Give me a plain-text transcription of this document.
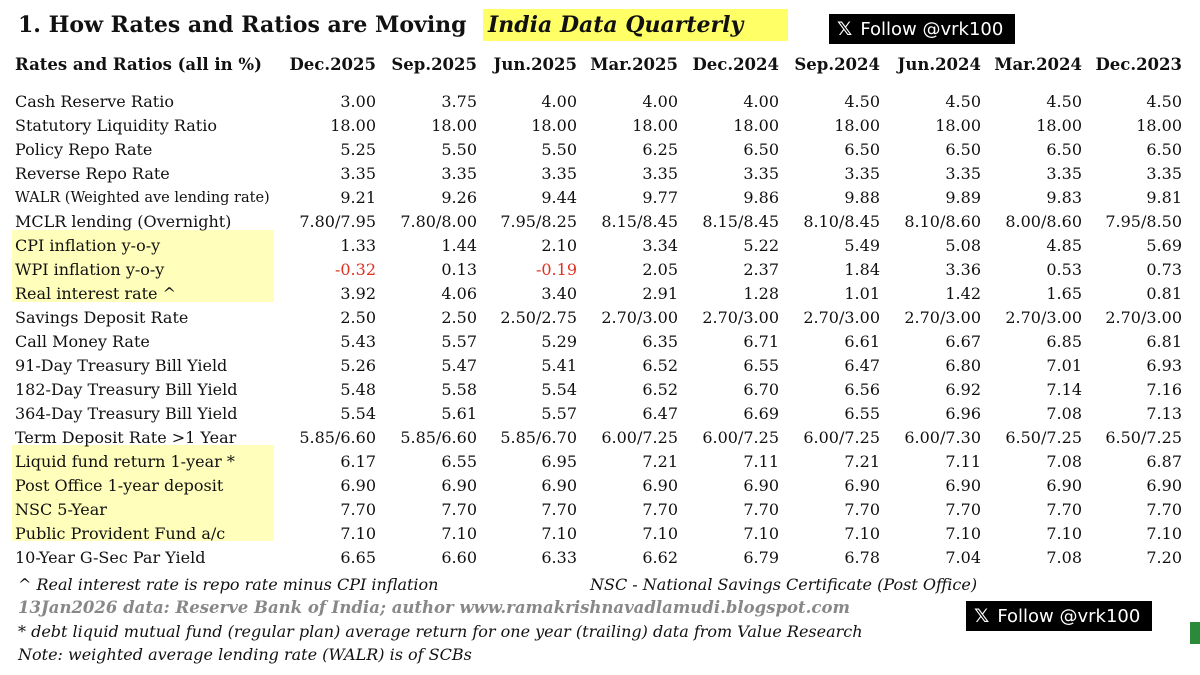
1. How Rates and Ratios are Moving India Data Quarterly	𝕏 Follow @vrk100
Rates and Ratios (all in %)	Dec.2025	Sep.2025	Jun.2025	Mar.2025	Dec.2024	Sep.2024	Jun.2024	Mar.2024	Dec.2023

Cash Reserve Ratio	3.00	3.75	4.00	4.00	4.00	4.50	4.50	4.50	4.50
Statutory Liquidity Ratio	18.00	18.00	18.00	18.00	18.00	18.00	18.00	18.00	18.00
Policy Repo Rate	5.25	5.50	5.50	6.25	6.50	6.50	6.50	6.50	6.50
Reverse Repo Rate	3.35	3.35	3.35	3.35	3.35	3.35	3.35	3.35	3.35
WALR (Weighted ave lending rate)	9.21	9.26	9.44	9.77	9.86	9.88	9.89	9.83	9.81
MCLR lending (Overnight)	7.80/7.95	7.80/8.00	7.95/8.25	8.15/8.45	8.15/8.45	8.10/8.45	8.10/8.60	8.00/8.60	7.95/8.50
CPI inflation y-o-y	1.33	1.44	2.10	3.34	5.22	5.49	5.08	4.85	5.69
WPI inflation y-o-y	-0.32	0.13	-0.19	2.05	2.37	1.84	3.36	0.53	0.73
Real interest rate ^	3.92	4.06	3.40	2.91	1.28	1.01	1.42	1.65	0.81
Savings Deposit Rate	2.50	2.50	2.50/2.75	2.70/3.00	2.70/3.00	2.70/3.00	2.70/3.00	2.70/3.00	2.70/3.00
Call Money Rate	5.43	5.57	5.29	6.35	6.71	6.61	6.67	6.85	6.81
91-Day Treasury Bill Yield	5.26	5.47	5.41	6.52	6.55	6.47	6.80	7.01	6.93
182-Day Treasury Bill Yield	5.48	5.58	5.54	6.52	6.70	6.56	6.92	7.14	7.16
364-Day Treasury Bill Yield	5.54	5.61	5.57	6.47	6.69	6.55	6.96	7.08	7.13
Term Deposit Rate >1 Year	5.85/6.60	5.85/6.60	5.85/6.70	6.00/7.25	6.00/7.25	6.00/7.25	6.00/7.30	6.50/7.25	6.50/7.25
Liquid fund return 1-year *	6.17	6.55	6.95	7.21	7.11	7.21	7.11	7.08	6.87
Post Office 1-year deposit	6.90	6.90	6.90	6.90	6.90	6.90	6.90	6.90	6.90
NSC 5-Year	7.70	7.70	7.70	7.70	7.70	7.70	7.70	7.70	7.70
Public Provident Fund a/c	7.10	7.10	7.10	7.10	7.10	7.10	7.10	7.10	7.10
10-Year G-Sec Par Yield	6.65	6.60	6.33	6.62	6.79	6.78	7.04	7.08	7.20
^ Real interest rate is repo rate minus CPI inflation	NSC - National Savings Certificate (Post Office)
13Jan2026 data: Reserve Bank of India; author www.ramakrishnavadlamudi.blogspot.com
* debt liquid mutual fund (regular plan) average return for one year (trailing) data from Value Research
Note: weighted average lending rate (WALR) is of SCBs
𝕏 Follow @vrk100
